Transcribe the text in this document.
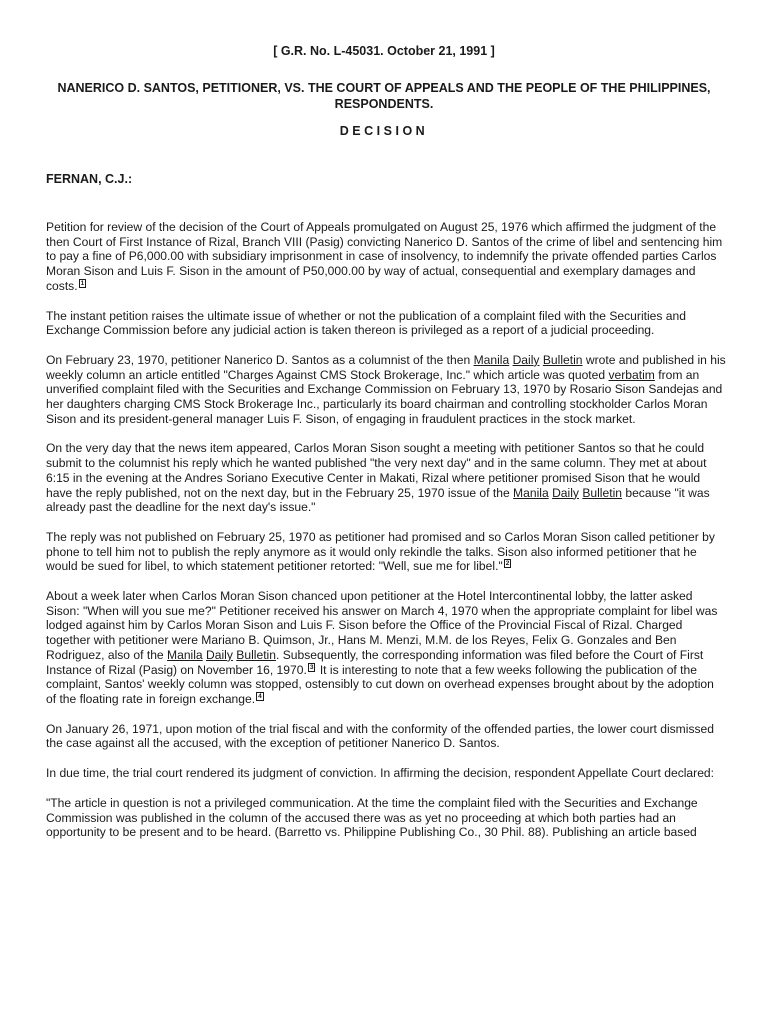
[ G.R. No. L-45031. October 21, 1991 ]
NANERICO D. SANTOS, PETITIONER, VS. THE COURT OF APPEALS AND THE PEOPLE OF THE PHILIPPINES, RESPONDENTS.
DECISION
FERNAN, C.J.:

Petition for review of the decision of the Court of Appeals promulgated on August 25, 1976 which affirmed the judgment of the then Court of First Instance of Rizal, Branch VIII (Pasig) convicting Nanerico D. Santos of the crime of libel and sentencing him to pay a fine of P6,000.00 with subsidiary imprisonment in case of insolvency, to indemnify the private offended parties Carlos Moran Sison and Luis F. Sison in the amount of P50,000.00 by way of actual, consequential and exemplary damages and costs. 1

The instant petition raises the ultimate issue of whether or not the publication of a complaint filed with the Securities and Exchange Commission before any judicial action is taken thereon is privileged as a report of a judicial proceeding.

On February 23, 1970, petitioner Nanerico D. Santos as a columnist of the then Manila Daily Bulletin wrote and published in his weekly column an article entitled "Charges Against CMS Stock Brokerage, Inc." which article was quoted verbatim from an unverified complaint filed with the Securities and Exchange Commission on February 13, 1970 by Rosario Sison Sandejas and her daughters charging CMS Stock Brokerage Inc., particularly its board chairman and controlling stockholder Carlos Moran Sison and its president-general manager Luis F. Sison, of engaging in fraudulent practices in the stock market.

On the very day that the news item appeared, Carlos Moran Sison sought a meeting with petitioner Santos so that he could submit to the columnist his reply which he wanted published "the very next day" and in the same column. They met at about 6:15 in the evening at the Andres Soriano Executive Center in Makati, Rizal where petitioner promised Sison that he would have the reply published, not on the next day, but in the February 25, 1970 issue of the Manila Daily Bulletin because "it was already past the deadline for the next day's issue."

The reply was not published on February 25, 1970 as petitioner had promised and so Carlos Moran Sison called petitioner by phone to tell him not to publish the reply anymore as it would only rekindle the talks. Sison also informed petitioner that he would be sued for libel, to which statement petitioner retorted: "Well, sue me for libel." 2

About a week later when Carlos Moran Sison chanced upon petitioner at the Hotel Intercontinental lobby, the latter asked Sison: "When will you sue me?" Petitioner received his answer on March 4, 1970 when the appropriate complaint for libel was lodged against him by Carlos Moran Sison and Luis F. Sison before the Office of the Provincial Fiscal of Rizal. Charged together with petitioner were Mariano B. Quimson, Jr., Hans M. Menzi, M.M. de los Reyes, Felix G. Gonzales and Ben Rodriguez, also of the Manila Daily Bulletin. Subsequently, the corresponding information was filed before the Court of First Instance of Rizal (Pasig) on November 16, 1970. 3 It is interesting to note that a few weeks following the publication of the complaint, Santos' weekly column was stopped, ostensibly to cut down on overhead expenses brought about by the adoption of the floating rate in foreign exchange. 4

On January 26, 1971, upon motion of the trial fiscal and with the conformity of the offended parties, the lower court dismissed the case against all the accused, with the exception of petitioner Nanerico D. Santos.

In due time, the trial court rendered its judgment of conviction. In affirming the decision, respondent Appellate Court declared:

"The article in question is not a privileged communication. At the time the complaint filed with the Securities and Exchange Commission was published in the column of the accused there was as yet no proceeding at which both parties had an opportunity to be present and to be heard. (Barretto vs. Philippine Publishing Co., 30 Phil. 88). Publishing an article based
